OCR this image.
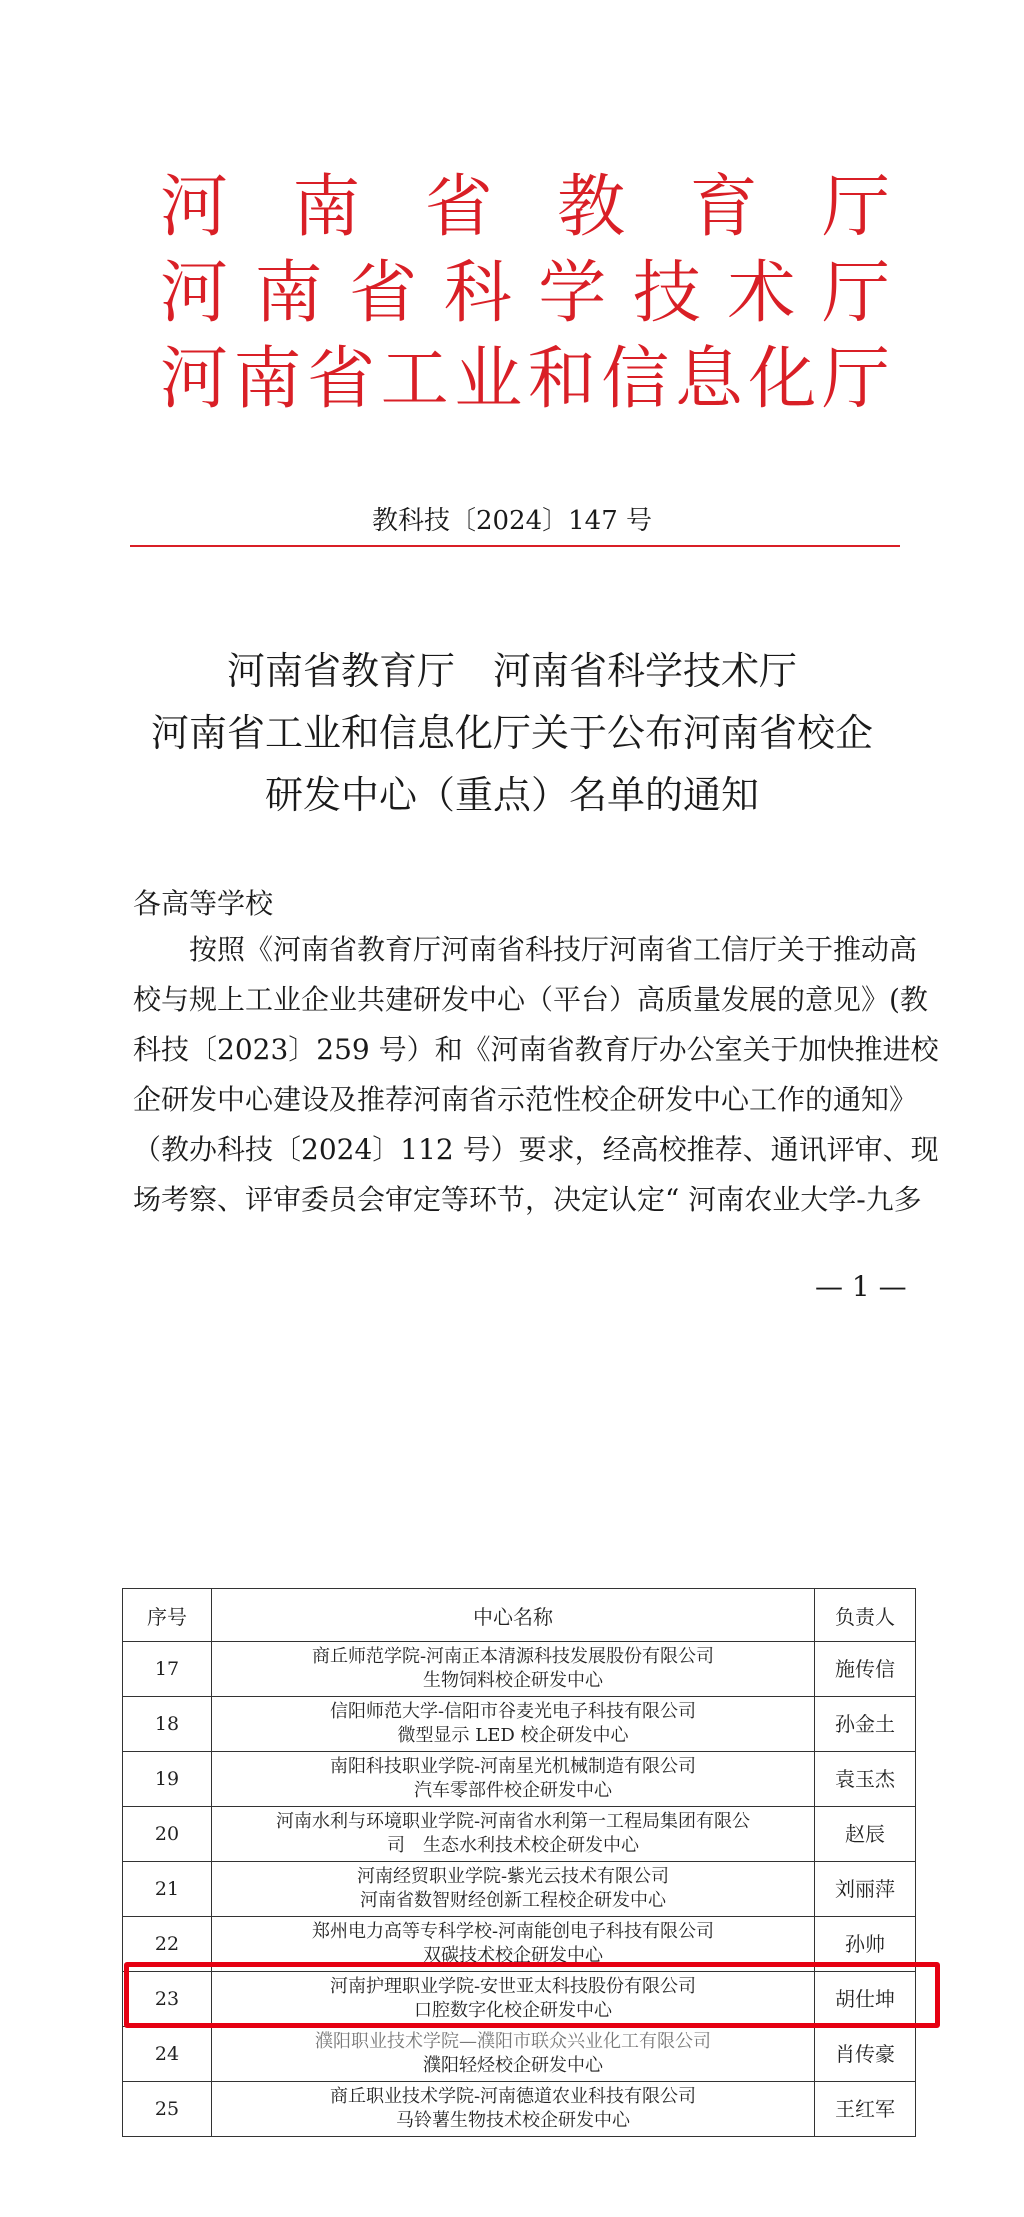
河 南 省 教 育 厅
河 南 省 科 学 技 术 厅
河 南 省 工 业 和 信 息 化 厅
教科技〔2024〕147 号
河南省教育厅　河南省科学技术厅
河南省工业和信息化厅关于公布河南省校企
研发中心（重点）名单的通知
各高等学校
按照《河南省教育厅河南省科技厅河南省工信厅关于推动高
校与规上工业企业共建研发中心（平台）高质量发展的意见》(教
科技〔2023〕259 号）和《河南省教育厅办公室关于加快推进校
企研发中心建设及推荐河南省示范性校企研发中心工作的通知》
（教办科技〔2024〕112 号）要求，经高校推荐、通讯评审、现
场考察、评审委员会审定等环节，决定认定“ 河南农业大学-九多
— 1 —
序号	中心名称	负责人
17	商丘师范学院-河南正本清源科技发展股份有限公司
生物饲料校企研发中心	施传信
18	信阳师范大学-信阳市谷麦光电子科技有限公司
微型显示 LED 校企研发中心	孙金土
19	南阳科技职业学院-河南星光机械制造有限公司
汽车零部件校企研发中心	袁玉杰
20	河南水利与环境职业学院-河南省水利第一工程局集团有限公
司　生态水利技术校企研发中心	赵辰
21	河南经贸职业学院-紫光云技术有限公司
河南省数智财经创新工程校企研发中心	刘丽萍
22	郑州电力高等专科学校-河南能创电子科技有限公司
双碳技术校企研发中心	孙帅
23	河南护理职业学院-安世亚太科技股份有限公司
口腔数字化校企研发中心	胡仕坤
24	濮阳职业技术学院—濮阳市联众兴业化工有限公司
濮阳轻烃校企研发中心	肖传豪
25	商丘职业技术学院-河南德道农业科技有限公司
马铃薯生物技术校企研发中心	王红军
